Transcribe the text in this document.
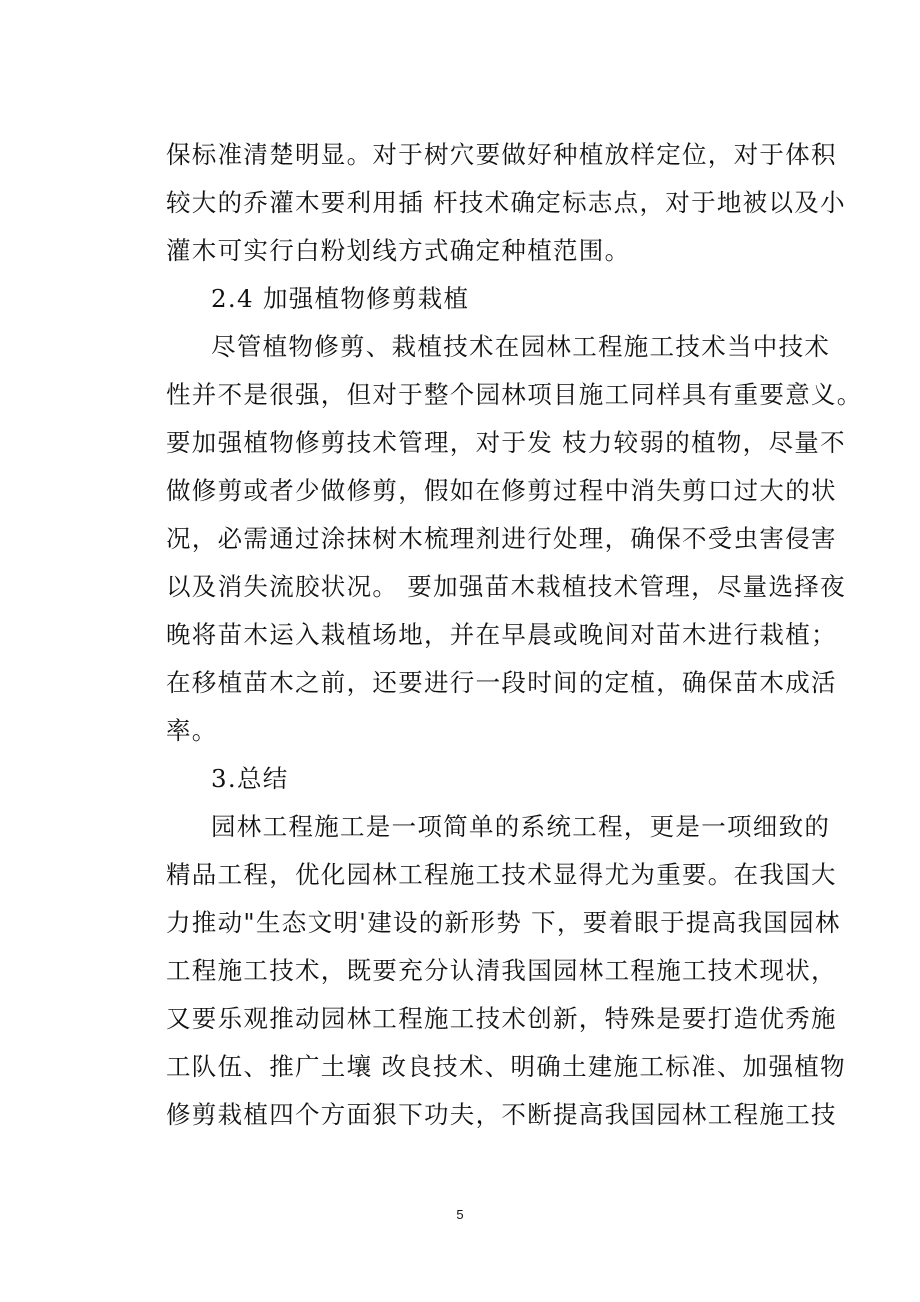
保标准清楚明显。对于树穴要做好种植放样定位，对于体积
较大的乔灌木要利用插 杆技术确定标志点，对于地被以及小
灌木可实行白粉划线方式确定种植范围。
2.4 加强植物修剪栽植
尽管植物修剪、栽植技术在园林工程施工技术当中技术
性并不是很强，但对于整个园林项目施工同样具有重要意义。
要加强植物修剪技术管理，对于发 枝力较弱的植物，尽量不
做修剪或者少做修剪，假如在修剪过程中消失剪口过大的状
况，必需通过涂抹树木梳理剂进行处理，确保不受虫害侵害
以及消失流胶状况。 要加强苗木栽植技术管理，尽量选择夜
晚将苗木运入栽植场地，并在早晨或晚间对苗木进行栽植；
在移植苗木之前，还要进行一段时间的定植，确保苗木成活
率。
3.总结
园林工程施工是一项简单的系统工程，更是一项细致的
精品工程，优化园林工程施工技术显得尤为重要。在我国大
力推动"生态文明'建设的新形势 下，要着眼于提高我国园林
工程施工技术，既要充分认清我国园林工程施工技术现状，
又要乐观推动园林工程施工技术创新，特殊是要打造优秀施
工队伍、推广土壤 改良技术、明确土建施工标准、加强植物
修剪栽植四个方面狠下功夫，不断提高我国园林工程施工技
5
